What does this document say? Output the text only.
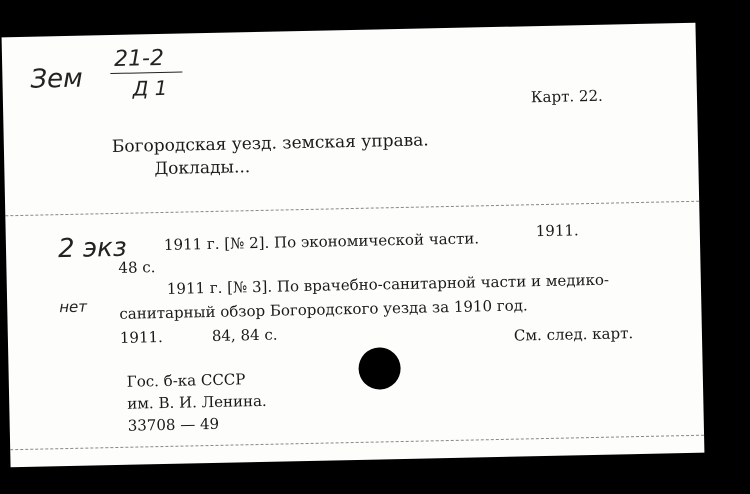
Зем
21-2
Д 1	Карт. 22.
Богородская уезд. земская управа.
Доклады...
2 экз 1911 г. [№ 2]. По экономической части.	1911.
48 с.
нет
1911 г. [№ 3]. По врачебно-санитарной части и медико-
санитарный обзор Богородского уезда за 1910 год.
1911.	84, 84 с.	См. след. карт.
Гос. б-ка СССР
им. В. И. Ленина.
33708 — 49
